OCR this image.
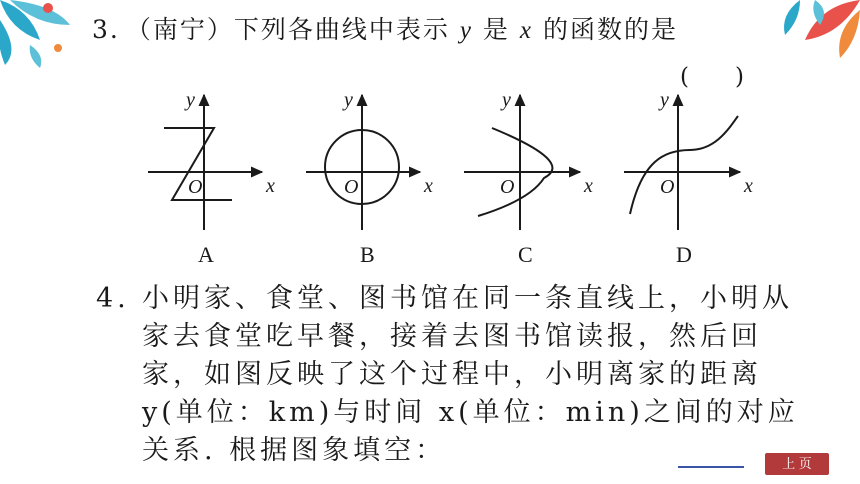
3. （南宁）下列各曲线中表示 y 是 x 的函数的是
(　　)
y
x
O
A
y
x
O
B
y
x
O
C
y
x
O
D
4. 小明家、食堂、图书馆在同一条直线上，小明从
家去食堂吃早餐，接着去图书馆读报，然后回
家，如图反映了这个过程中，小明离家的距离
y(单位：km)与时间 x(单位：min)之间的对应
关系. 根据图象填空：	上 页
